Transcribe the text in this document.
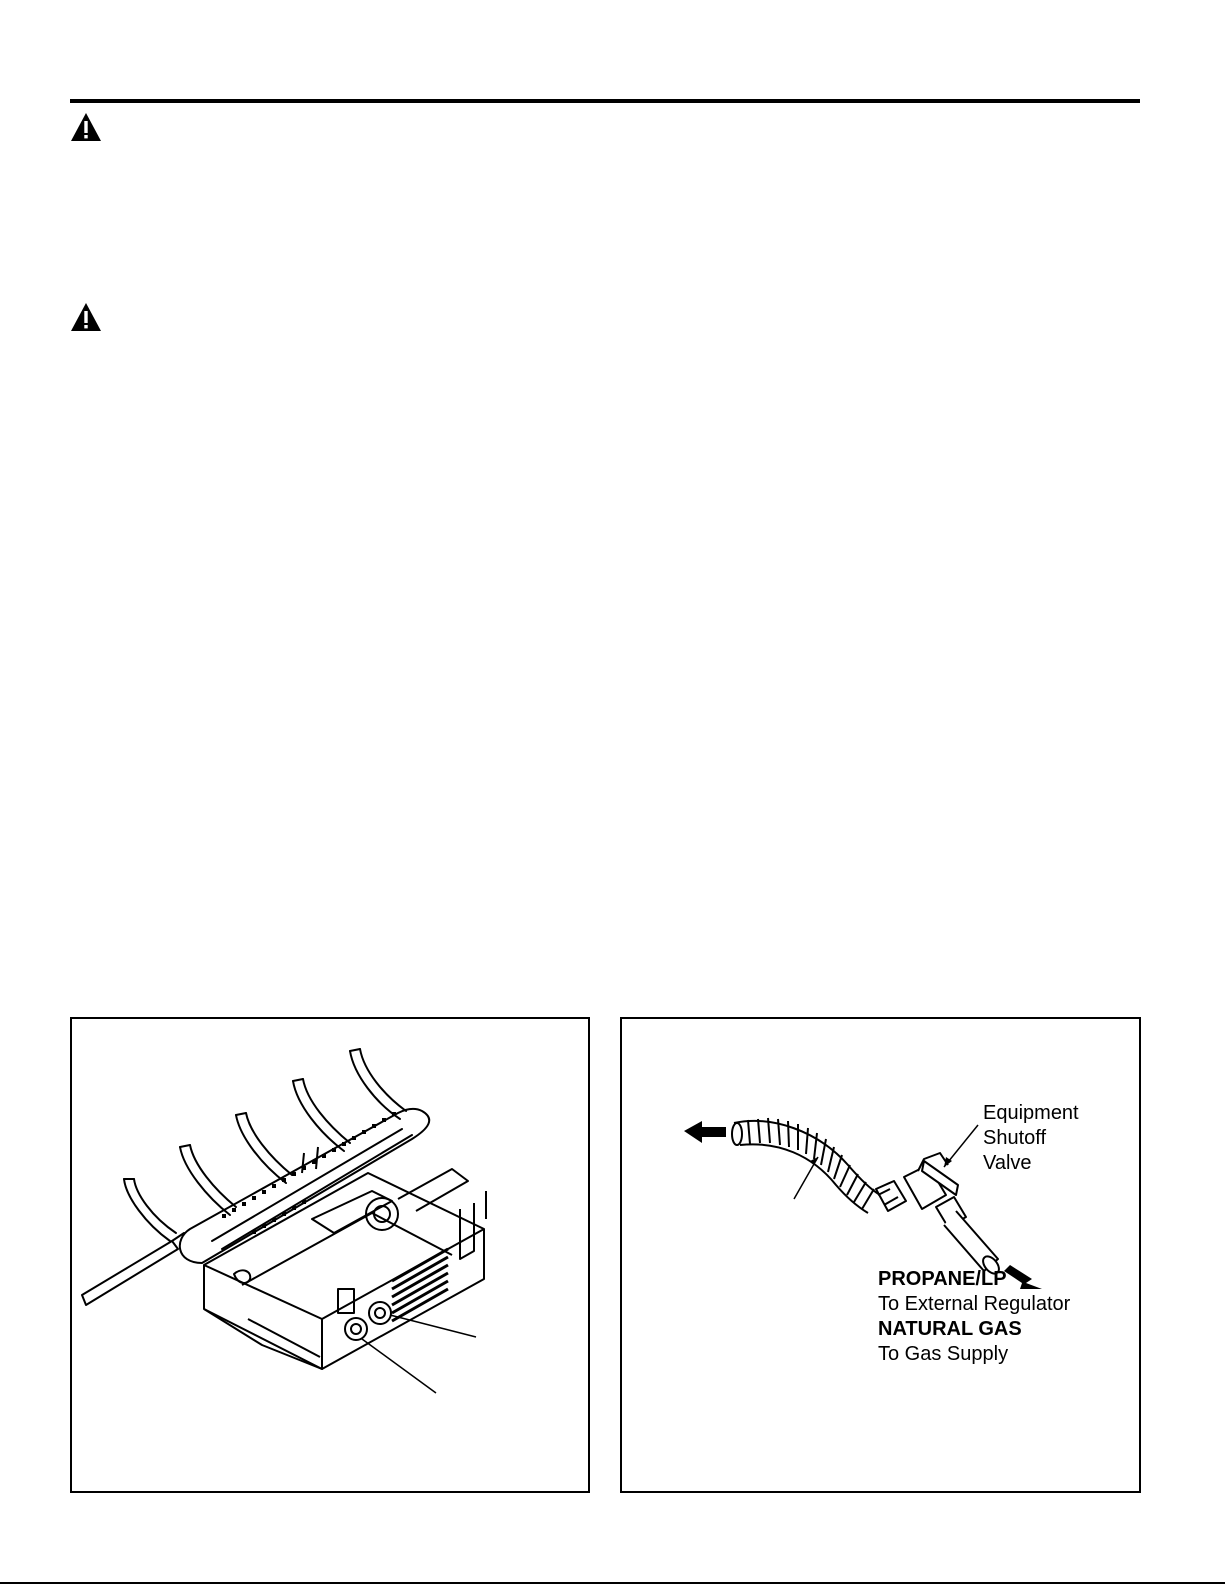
Equipment
Shutoff
Valve
PROPANE/LP
To External Regulator
NATURAL GAS
To Gas Supply
